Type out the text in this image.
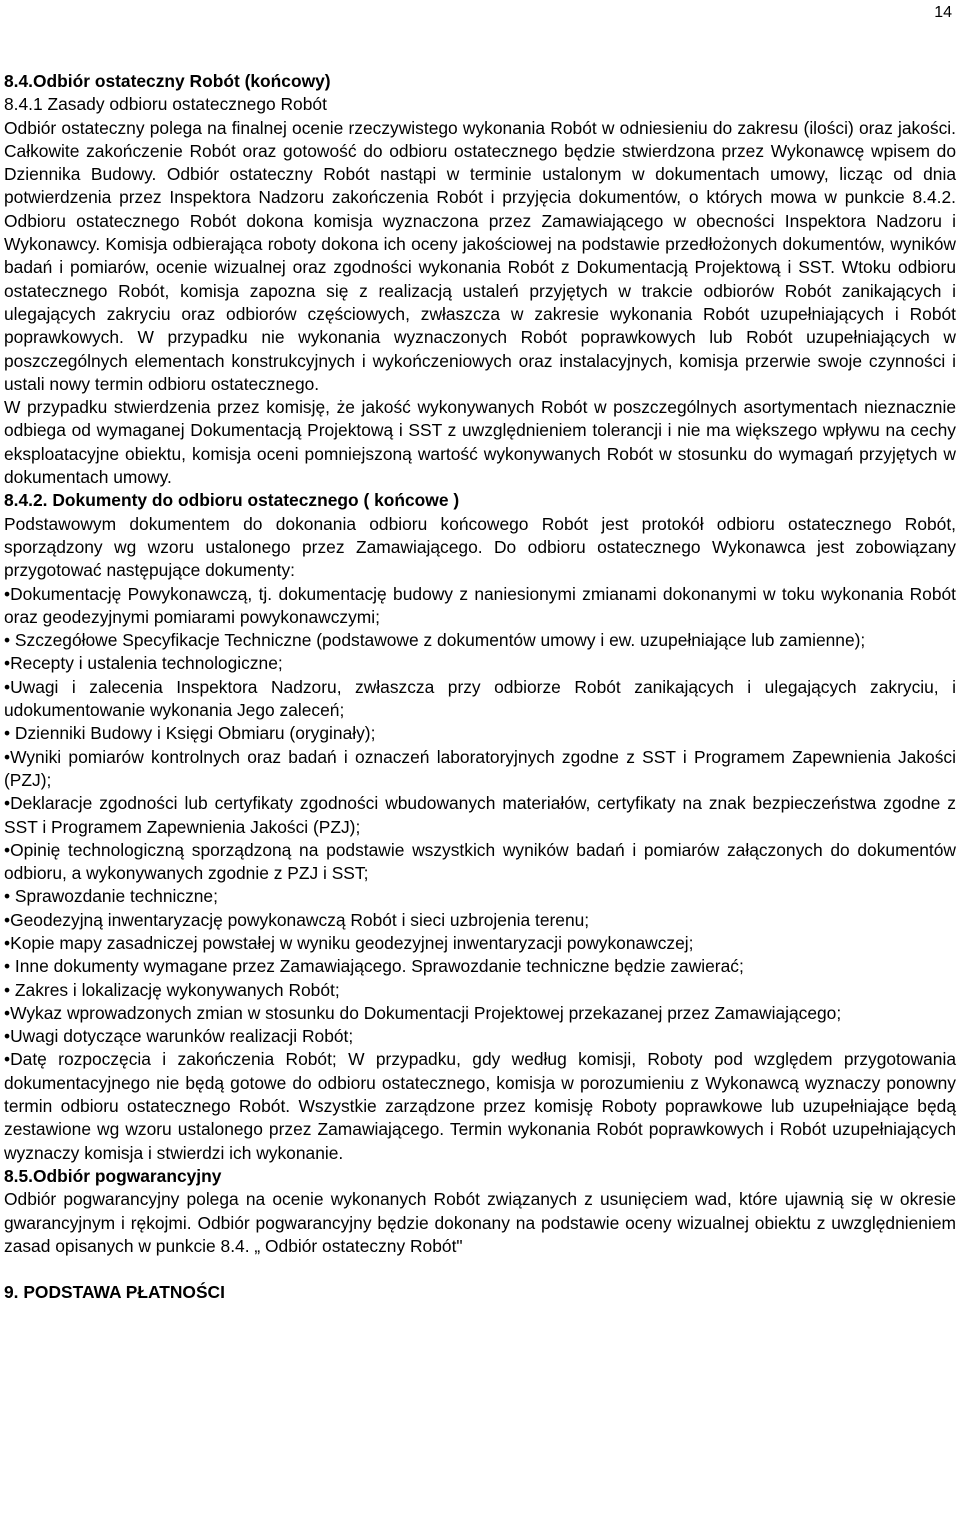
14

8.4.Odbiór ostateczny Robót (końcowy)

8.4.1 Zasady odbioru ostatecznego Robót

Odbiór ostateczny polega na finalnej ocenie rzeczywistego wykonania Robót w odniesieniu do zakresu (ilości) oraz jakości. Całkowite zakończenie Robót oraz gotowość do odbioru ostatecznego będzie stwierdzona przez Wykonawcę wpisem do Dziennika Budowy. Odbiór ostateczny Robót nastąpi w terminie ustalonym w dokumentach umowy, licząc od dnia potwierdzenia przez Inspektora Nadzoru zakończenia Robót i przyjęcia dokumentów, o których mowa w punkcie 8.4.2. Odbioru ostatecznego Robót dokona komisja wyznaczona przez Zamawiającego w obecności Inspektora Nadzoru i Wykonawcy. Komisja odbierająca roboty dokona ich oceny jakościowej na podstawie przedłożonych dokumentów, wyników badań i pomiarów, ocenie wizualnej oraz zgodności wykonania Robót z Dokumentacją Projektową i SST. Wtoku odbioru ostatecznego Robót, komisja zapozna się z realizacją ustaleń przyjętych w trakcie odbiorów Robót zanikających i ulegających zakryciu oraz odbiorów częściowych, zwłaszcza w zakresie wykonania Robót uzupełniających i Robót poprawkowych. W przypadku nie wykonania wyznaczonych Robót poprawkowych lub Robót uzupełniających w poszczególnych elementach konstrukcyjnych i wykończeniowych oraz instalacyjnych, komisja przerwie swoje czynności i ustali nowy termin odbioru ostatecznego.

W przypadku stwierdzenia przez komisję, że jakość wykonywanych Robót w poszczególnych asortymentach nieznacznie odbiega od wymaganej Dokumentacją Projektową i SST z uwzględnieniem tolerancji i nie ma większego wpływu na cechy eksploatacyjne obiektu, komisja oceni pomniejszoną wartość wykonywanych Robót w stosunku do wymagań przyjętych w dokumentach umowy.

8.4.2. Dokumenty do odbioru ostatecznego ( końcowe )

Podstawowym dokumentem do dokonania odbioru końcowego Robót jest protokół odbioru ostatecznego Robót, sporządzony wg wzoru ustalonego przez Zamawiającego. Do odbioru ostatecznego Wykonawca jest zobowiązany przygotować następujące dokumenty:

•Dokumentację Powykonawczą, tj. dokumentację budowy z naniesionymi zmianami dokonanymi w toku wykonania Robót oraz geodezyjnymi pomiarami powykonawczymi;

• Szczegółowe Specyfikacje Techniczne (podstawowe z dokumentów umowy i ew. uzupełniające lub zamienne);

•Recepty i ustalenia technologiczne;

•Uwagi i zalecenia Inspektora Nadzoru, zwłaszcza przy odbiorze Robót zanikających i ulegających zakryciu, i udokumentowanie wykonania Jego zaleceń;

• Dzienniki Budowy i Księgi Obmiaru (oryginały);

•Wyniki pomiarów kontrolnych oraz badań i oznaczeń laboratoryjnych zgodne z SST i Programem Zapewnienia Jakości (PZJ);

•Deklaracje zgodności lub certyfikaty zgodności wbudowanych materiałów, certyfikaty na znak bezpieczeństwa zgodne z SST i Programem Zapewnienia Jakości (PZJ);

•Opinię technologiczną sporządzoną na podstawie wszystkich wyników badań i pomiarów załączonych do dokumentów odbioru, a wykonywanych zgodnie z PZJ i SST;

• Sprawozdanie techniczne;

•Geodezyjną inwentaryzację powykonawczą Robót i sieci uzbrojenia terenu;

•Kopie mapy zasadniczej powstałej w wyniku geodezyjnej inwentaryzacji powykonawczej;

• Inne dokumenty wymagane przez Zamawiającego. Sprawozdanie techniczne będzie zawierać;

• Zakres i lokalizację wykonywanych Robót;

•Wykaz wprowadzonych zmian w stosunku do Dokumentacji Projektowej przekazanej przez Zamawiającego;

•Uwagi dotyczące warunków realizacji Robót;

•Datę rozpoczęcia i zakończenia Robót; W przypadku, gdy według komisji, Roboty pod względem przygotowania dokumentacyjnego nie będą gotowe do odbioru ostatecznego, komisja w porozumieniu z Wykonawcą wyznaczy ponowny termin odbioru ostatecznego Robót. Wszystkie zarządzone przez komisję Roboty poprawkowe lub uzupełniające będą zestawione wg wzoru ustalonego przez Zamawiającego. Termin wykonania Robót poprawkowych i Robót uzupełniających wyznaczy komisja i stwierdzi ich wykonanie.

8.5.Odbiór pogwarancyjny

Odbiór pogwarancyjny polega na ocenie wykonanych Robót związanych z usunięciem wad, które ujawnią się w okresie gwarancyjnym i rękojmi. Odbiór pogwarancyjny będzie dokonany na podstawie oceny wizualnej obiektu z uwzględnieniem zasad opisanych w punkcie 8.4. „ Odbiór ostateczny Robót"

9. PODSTAWA PŁATNOŚCI
